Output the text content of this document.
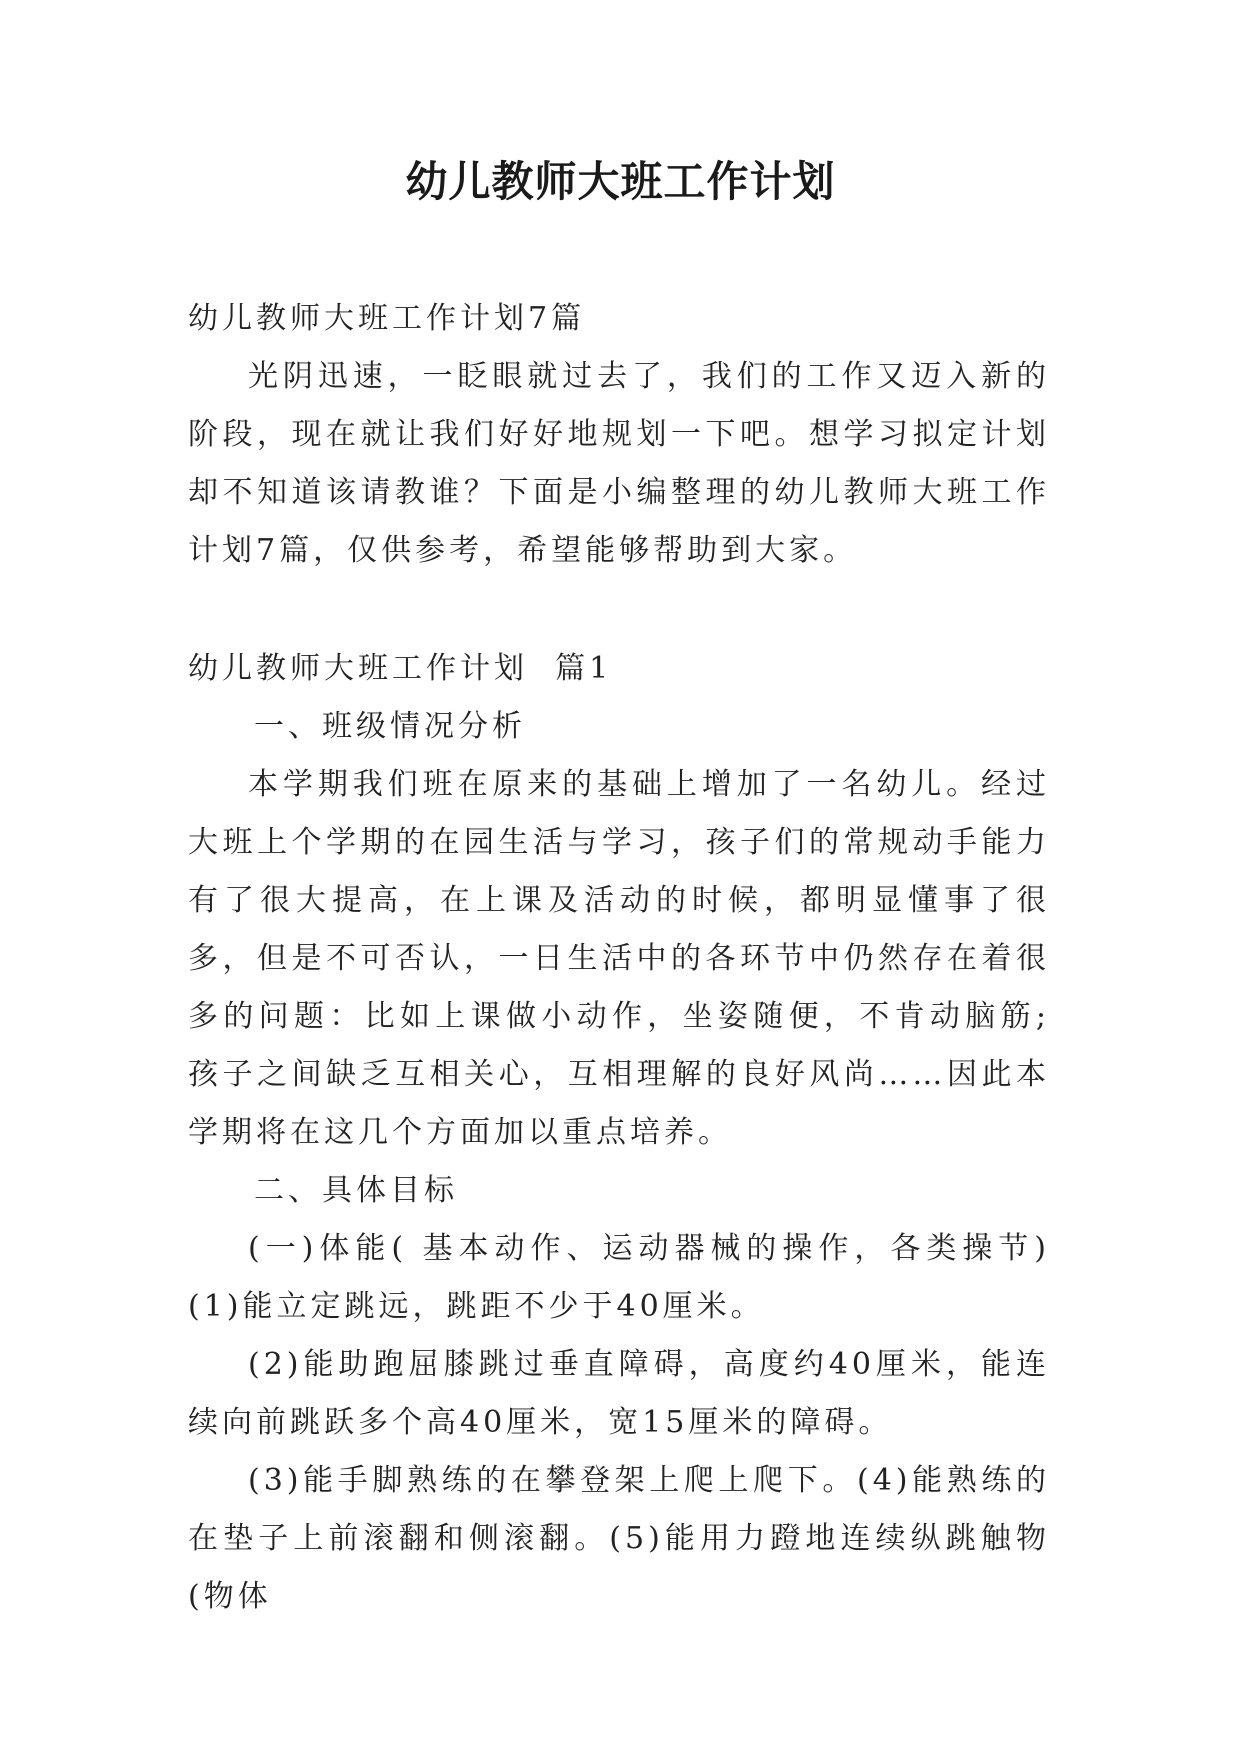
幼儿教师大班工作计划
幼儿教师大班工作计划7篇

光阴迅速，一眨眼就过去了，我们的工作又迈入新的阶段，现在就让我们好好地规划一下吧。想学习拟定计划却不知道该请教谁？下面是小编整理的幼儿教师大班工作计划7篇，仅供参考，希望能够帮助到大家。

幼儿教师大班工作计划  篇1
一、班级情况分析

本学期我们班在原来的基础上增加了一名幼儿。经过大班上个学期的在园生活与学习，孩子们的常规动手能力有了很大提高，在上课及活动的时候，都明显懂事了很多，但是不可否认，一日生活中的各环节中仍然存在着很多的问题：比如上课做小动作，坐姿随便，不肯动脑筋;孩子之间缺乏互相关心，互相理解的良好风尚……因此本学期将在这几个方面加以重点培养。

二、具体目标

(一)体能( 基本动作、运动器械的操作，各类操节)(1)能立定跳远，跳距不少于40厘米。

(2)能助跑屈膝跳过垂直障碍，高度约40厘米，能连续向前跳跃多个高40厘米，宽15厘米的障碍。

(3)能手脚熟练的在攀登架上爬上爬下。(4)能熟练的在垫子上前滚翻和侧滚翻。(5)能用力蹬地连续纵跳触物(物体
